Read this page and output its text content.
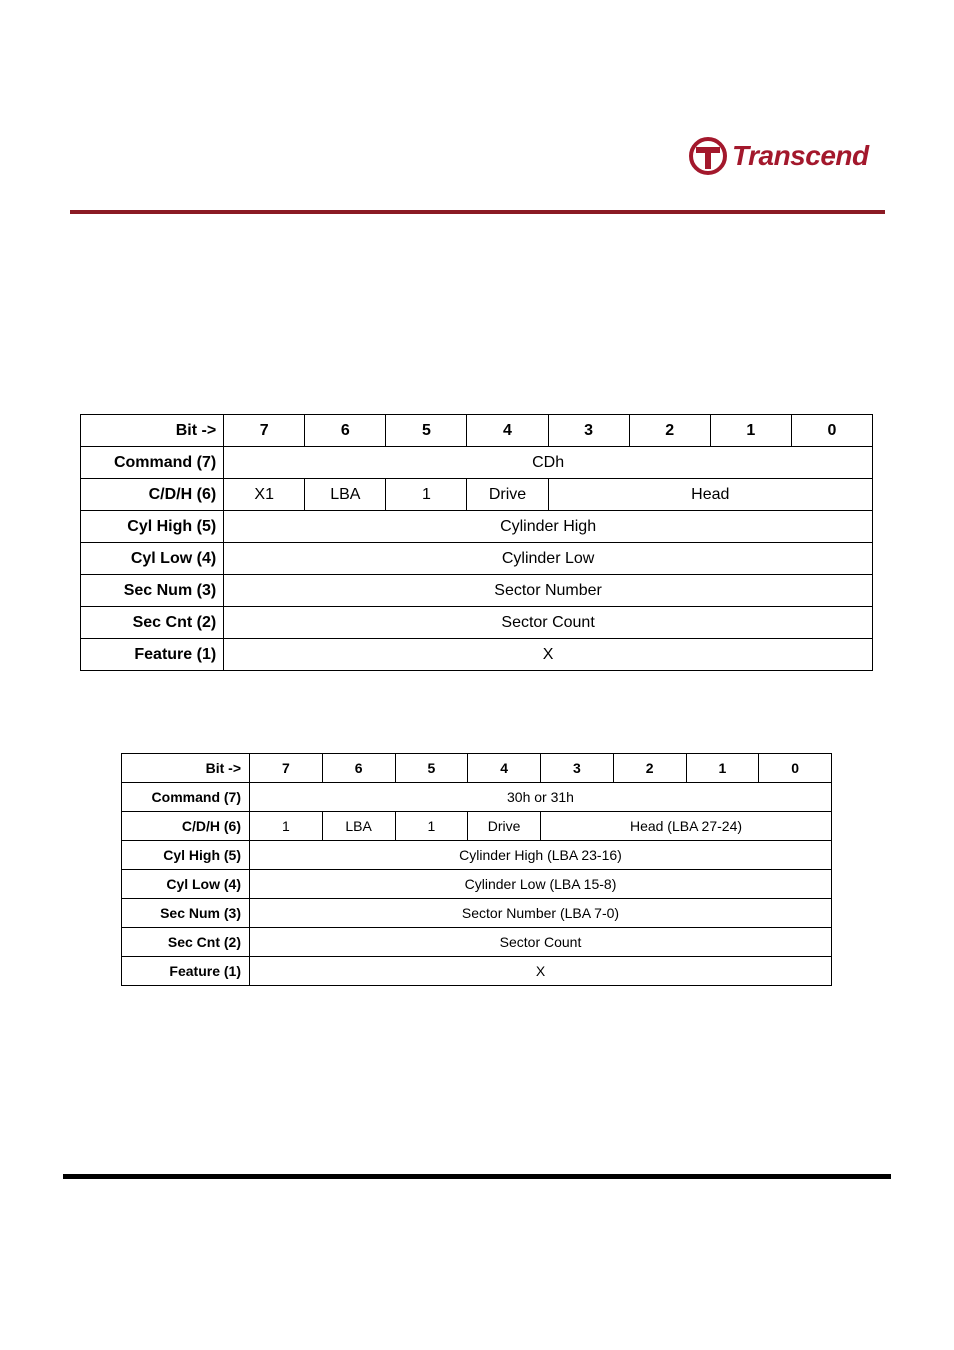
Transcend
Bit ->	7	6	5	4	3	2	1	0
Command (7)	CDh							
C/D/H (6)	X1	LBA	1	Drive	Head			
Cyl High (5)	Cylinder High							
Cyl Low (4)	Cylinder Low							
Sec Num (3)	Sector Number							
Sec Cnt (2)	Sector Count							
Feature (1)	X							
Bit ->	7	6	5	4	3	2	1	0
Command (7)	30h or 31h							
C/D/H (6)	1	LBA	1	Drive	Head (LBA 27-24)			
Cyl High (5)	Cylinder High (LBA 23-16)							
Cyl Low (4)	Cylinder Low (LBA 15-8)							
Sec Num (3)	Sector Number (LBA 7-0)							
Sec Cnt (2)	Sector Count							
Feature (1)	X							
